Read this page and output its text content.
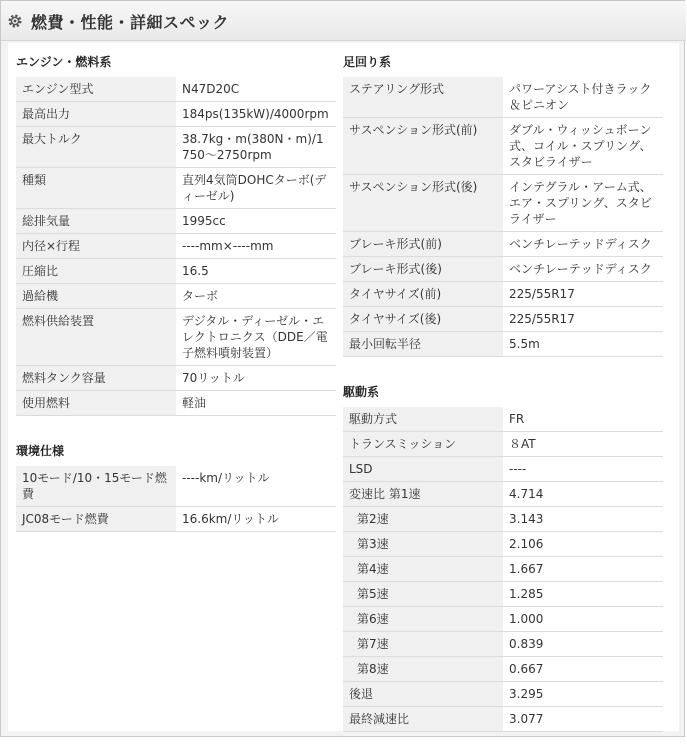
燃費・性能・詳細スペック
エンジン・燃料系
エンジン型式	N47D20C
最高出力	184ps(135kW)/4000rpm
最大トルク	38.7kg・m(380N・m)/1750〜2750rpm
種類	直列4気筒DOHCターボ(ディーゼル)
総排気量	1995cc
内径×行程	----mm×----mm
圧縮比	16.5
過給機	ターボ
燃料供給装置	デジタル・ディーゼル・エレクトロニクス（DDE／電子燃料噴射装置）
燃料タンク容量	70リットル
使用燃料	軽油
環境仕様
10モード/10・15モード燃費	----km/リットル
JC08モード燃費	16.6km/リットル
足回り系
ステアリング形式	パワーアシスト付きラック＆ピニオン
サスペンション形式(前)	ダブル・ウィッシュボーン式、コイル・スプリング、スタビライザー
サスペンション形式(後)	インテグラル・アーム式、エア・スプリング、スタビライザー
ブレーキ形式(前)	ベンチレーテッドディスク
ブレーキ形式(後)	ベンチレーテッドディスク
タイヤサイズ(前)	225/55R17
タイヤサイズ(後)	225/55R17
最小回転半径	5.5m
駆動系
駆動方式	FR
トランスミッション	８AT
LSD	----
変速比 第1速	4.714
第2速	3.143
第3速	2.106
第4速	1.667
第5速	1.285
第6速	1.000
第7速	0.839
第8速	0.667
後退	3.295
最終減速比	3.077
